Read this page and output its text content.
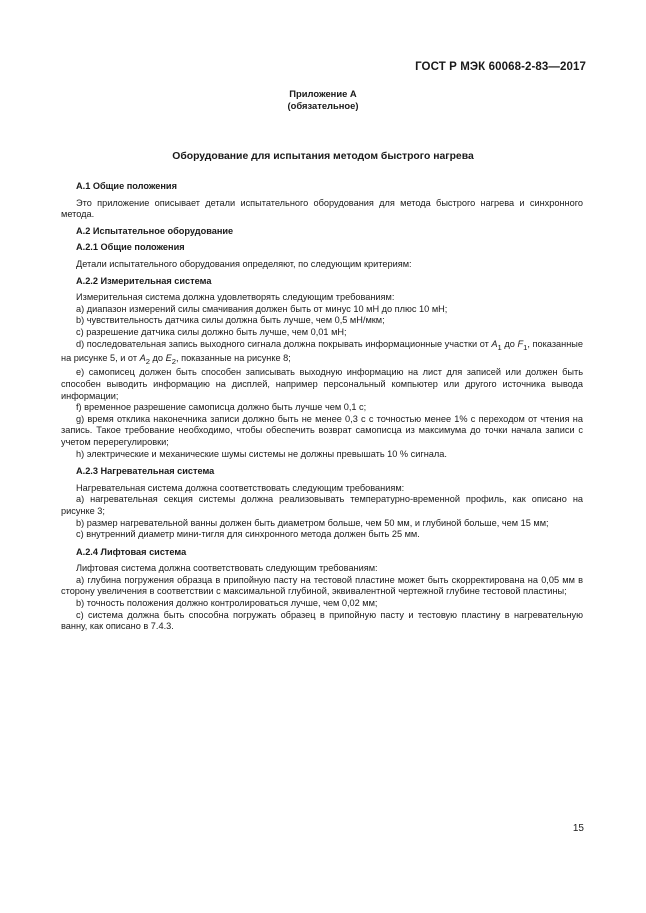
ГОСТ Р МЭК 60068-2-83—2017
Приложение А
(обязательное)
Оборудование для испытания методом быстрого нагрева

А.1 Общие положения

Это приложение описывает детали испытательного оборудования для метода быстрого нагрева и синхронного метода.

А.2 Испытательное оборудование

А.2.1 Общие положения

Детали испытательного оборудования определяют, по следующим критериям:

А.2.2 Измерительная система

Измерительная система должна удовлетворять следующим требованиям:

а) диапазон измерений силы смачивания должен быть от минус 10 мН до плюс 10 мН;

b) чувствительность датчика силы должна быть лучше, чем 0,5 мН/мкм;

с) разрешение датчика силы должно быть лучше, чем 0,01 мН;

d) последовательная запись выходного сигнала должна покрывать информационные участки от $A_1$ до $F_1$, показанные на рисунке 5, и от $A_2$ до $E_2$, показанные на рисунке 8;

е) самописец должен быть способен записывать выходную информацию на лист для записей или должен быть способен выводить информацию на дисплей, например персональный компьютер или другого источника вывода информации;

f) временное разрешение самописца должно быть лучше чем 0,1 с;

g) время отклика наконечника записи должно быть не менее 0,3 с с точностью менее 1% с переходом от чтения на запись. Такое требование необходимо, чтобы обеспечить возврат самописца из максимума до точки начала записи с учетом перерегулировки;

h) электрические и механические шумы системы не должны превышать 10 % сигнала.

А.2.3 Нагревательная система

Нагревательная система должна соответствовать следующим требованиям:

а) нагревательная секция системы должна реализовывать температурно-временной профиль, как описано на рисунке 3;

b) размер нагревательной ванны должен быть диаметром больше, чем 50 мм, и глубиной больше, чем 15 мм;

с) внутренний диаметр мини-тигля для синхронного метода должен быть 25 мм.

А.2.4 Лифтовая система

Лифтовая система должна соответствовать следующим требованиям:

а) глубина погружения образца в припойную пасту на тестовой пластине может быть скорректирована на 0,05 мм в сторону увеличения в соответствии с максимальной глубиной, эквивалентной чертежной глубине тестовой пластины;

b) точность положения должно контролироваться лучше, чем 0,02 мм;

с) система должна быть способна погружать образец в припойную пасту и тестовую пластину в нагревательную ванну, как описано в 7.4.3.

15
